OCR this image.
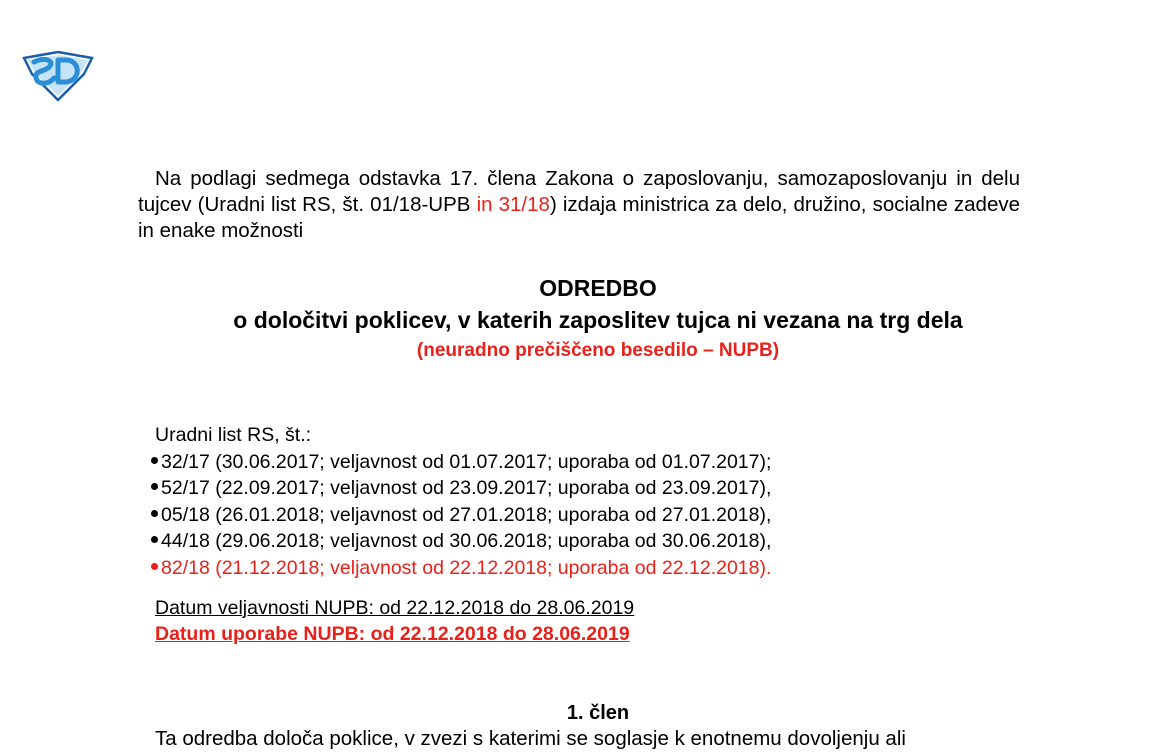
Na podlagi sedmega odstavka 17. člena Zakona o zaposlovanju, samozaposlovanju in delu tujcev (Uradni list RS, št. 01/18-UPB in 31/18) izdaja ministrica za delo, družino, socialne zadeve in enake možnosti
ODREDBO
o določitvi poklicev, v katerih zaposlitev tujca ni vezana na trg dela
(neuradno prečiščeno besedilo – NUPB)
Uradni list RS, št.:
32/17 (30.06.2017; veljavnost od 01.07.2017; uporaba od 01.07.2017);
52/17 (22.09.2017; veljavnost od 23.09.2017; uporaba od 23.09.2017),
05/18 (26.01.2018; veljavnost od 27.01.2018; uporaba od 27.01.2018),
44/18 (29.06.2018; veljavnost od 30.06.2018; uporaba od 30.06.2018),
82/18 (21.12.2018; veljavnost od 22.12.2018; uporaba od 22.12.2018).
Datum veljavnosti NUPB: od 22.12.2018 do 28.06.2019
Datum uporabe NUPB: od 22.12.2018 do 28.06.2019
1. člen
Ta odredba določa poklice, v zvezi s katerimi se soglasje k enotnemu dovoljenju ali
